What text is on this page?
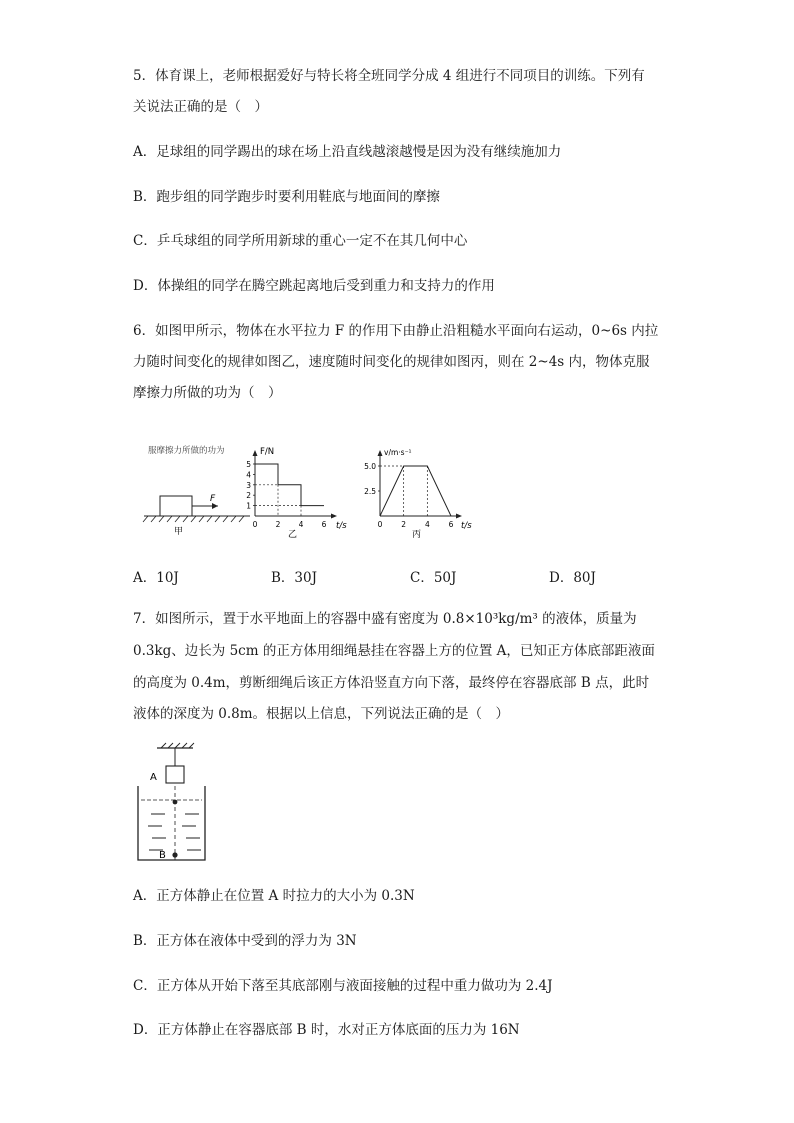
5．体育课上，老师根据爱好与特长将全班同学分成 4 组进行不同项目的训练。下列有
关说法正确的是（　）
A．足球组的同学踢出的球在场上沿直线越滚越慢是因为没有继续施加力
B．跑步组的同学跑步时要利用鞋底与地面间的摩擦
C．乒乓球组的同学所用新球的重心一定不在其几何中心
D．体操组的同学在腾空跳起离地后受到重力和支持力的作用
6．如图甲所示，物体在水平拉力 F 的作用下由静止沿粗糙水平面向右运动，0~6s 内拉
力随时间变化的规律如图乙，速度随时间变化的规律如图丙，则在 2~4s 内，物体克服
摩擦力所做的功为（　）
服摩擦力所做的功为
F
甲
F/N
t/s
5
4
3
2
1
0 2 4 6
乙
v/m·s⁻¹
t/s
5.0
2.5
0	2	4	6
丙
A．10J	B．30J	C．50J	D．80J
7．如图所示，置于水平地面上的容器中盛有密度为 0.8×10³kg/m³ 的液体，质量为
0.3kg、边长为 5cm 的正方体用细绳悬挂在容器上方的位置 A，已知正方体底部距液面
的高度为 0.4m，剪断细绳后该正方体沿竖直方向下落，最终停在容器底部 B 点，此时
液体的深度为 0.8m。根据以上信息，下列说法正确的是（　）
A
B
A．正方体静止在位置 A 时拉力的大小为 0.3N
B．正方体在液体中受到的浮力为 3N
C．正方体从开始下落至其底部刚与液面接触的过程中重力做功为 2.4J
D．正方体静止在容器底部 B 时，水对正方体底面的压力为 16N
